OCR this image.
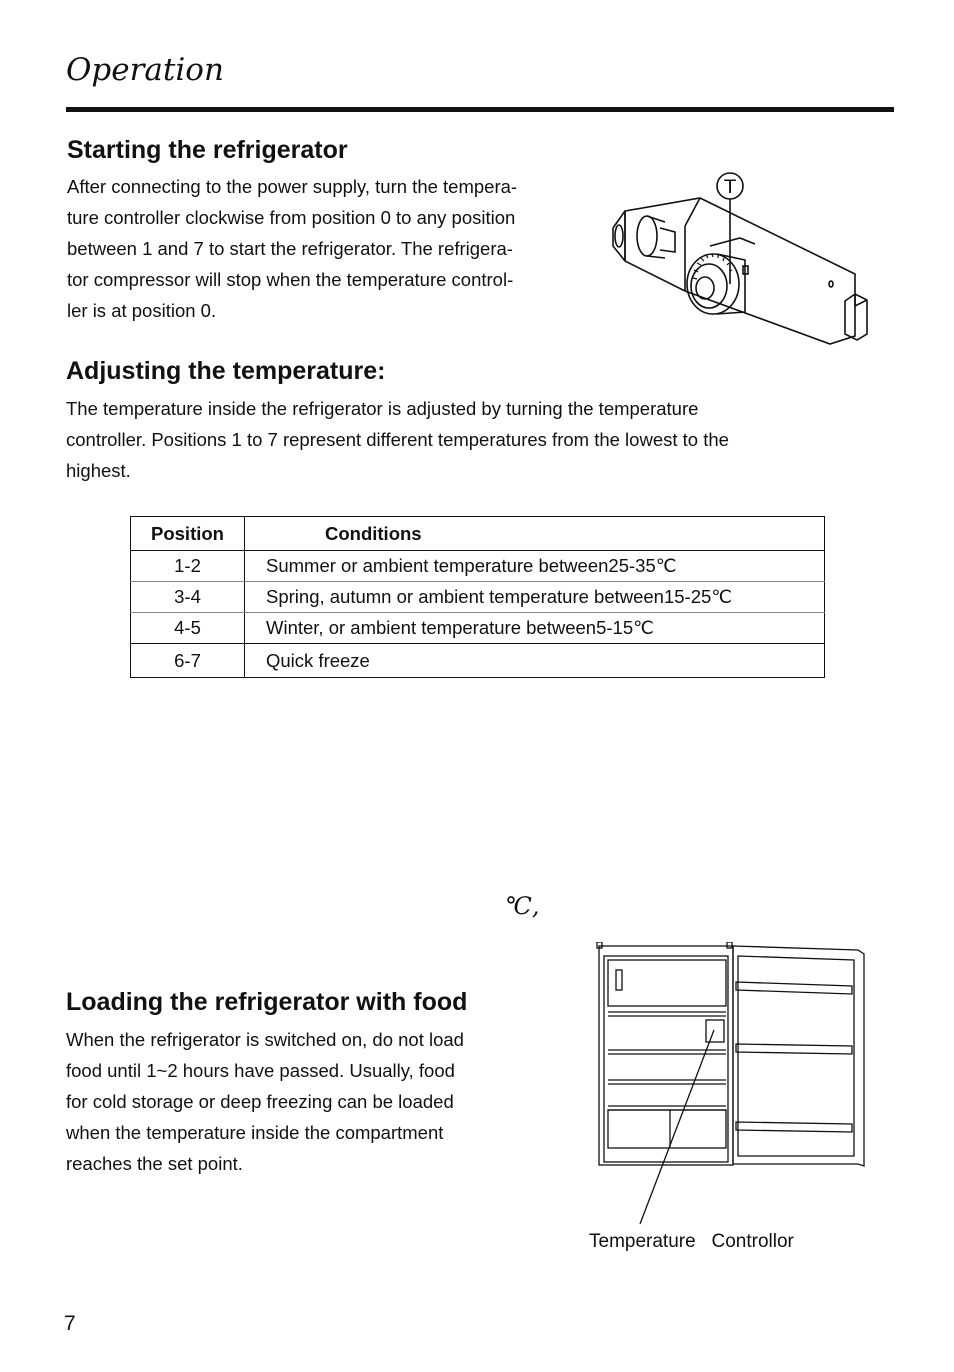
Operation
Starting the refrigerator
After connecting to the power supply, turn the tempera-
ture controller clockwise from position 0 to any position
between 1 and 7 to start the refrigerator. The refrigera-
tor compressor will stop when the temperature control-
ler is at position 0.
T
Adjusting the temperature:
The temperature inside the refrigerator is adjusted by turning the temperature
controller. Positions 1 to 7 represent different temperatures from the lowest to the
highest.
Position	Conditions
1-2	Summer or ambient temperature between25-35℃
3-4	Spring, autumn or ambient temperature between15-25℃
4-5	Winter, or ambient temperature between5-15℃
6-7	Quick freeze
℃,
Loading the refrigerator with food
When the refrigerator is switched on, do not load
food until 1~2 hours have passed. Usually, food
for cold storage or deep freezing can be loaded
when the temperature inside the compartment
reaches the set point.
Temperature   Controllor
7
